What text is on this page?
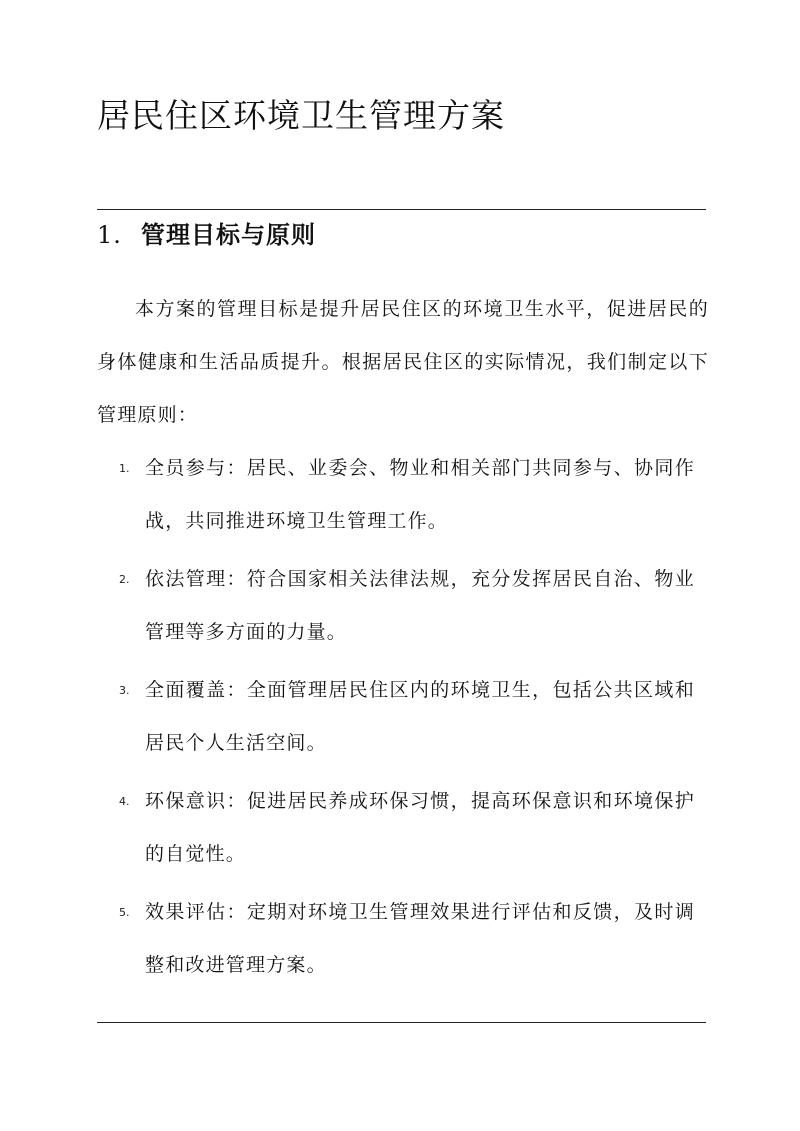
居民住区环境卫生管理方案
1. 管理目标与原则

本方案的管理目标是提升居民住区的环境卫生水平，促进居民的身体健康和生活品质提升。根据居民住区的实际情况，我们制定以下管理原则：

1. 全员参与：居民、业委会、物业和相关部门共同参与、协同作战，共同推进环境卫生管理工作。
2. 依法管理：符合国家相关法律法规，充分发挥居民自治、物业管理等多方面的力量。
3. 全面覆盖：全面管理居民住区内的环境卫生，包括公共区域和居民个人生活空间。
4. 环保意识：促进居民养成环保习惯，提高环保意识和环境保护的自觉性。
5. 效果评估：定期对环境卫生管理效果进行评估和反馈，及时调整和改进管理方案。
